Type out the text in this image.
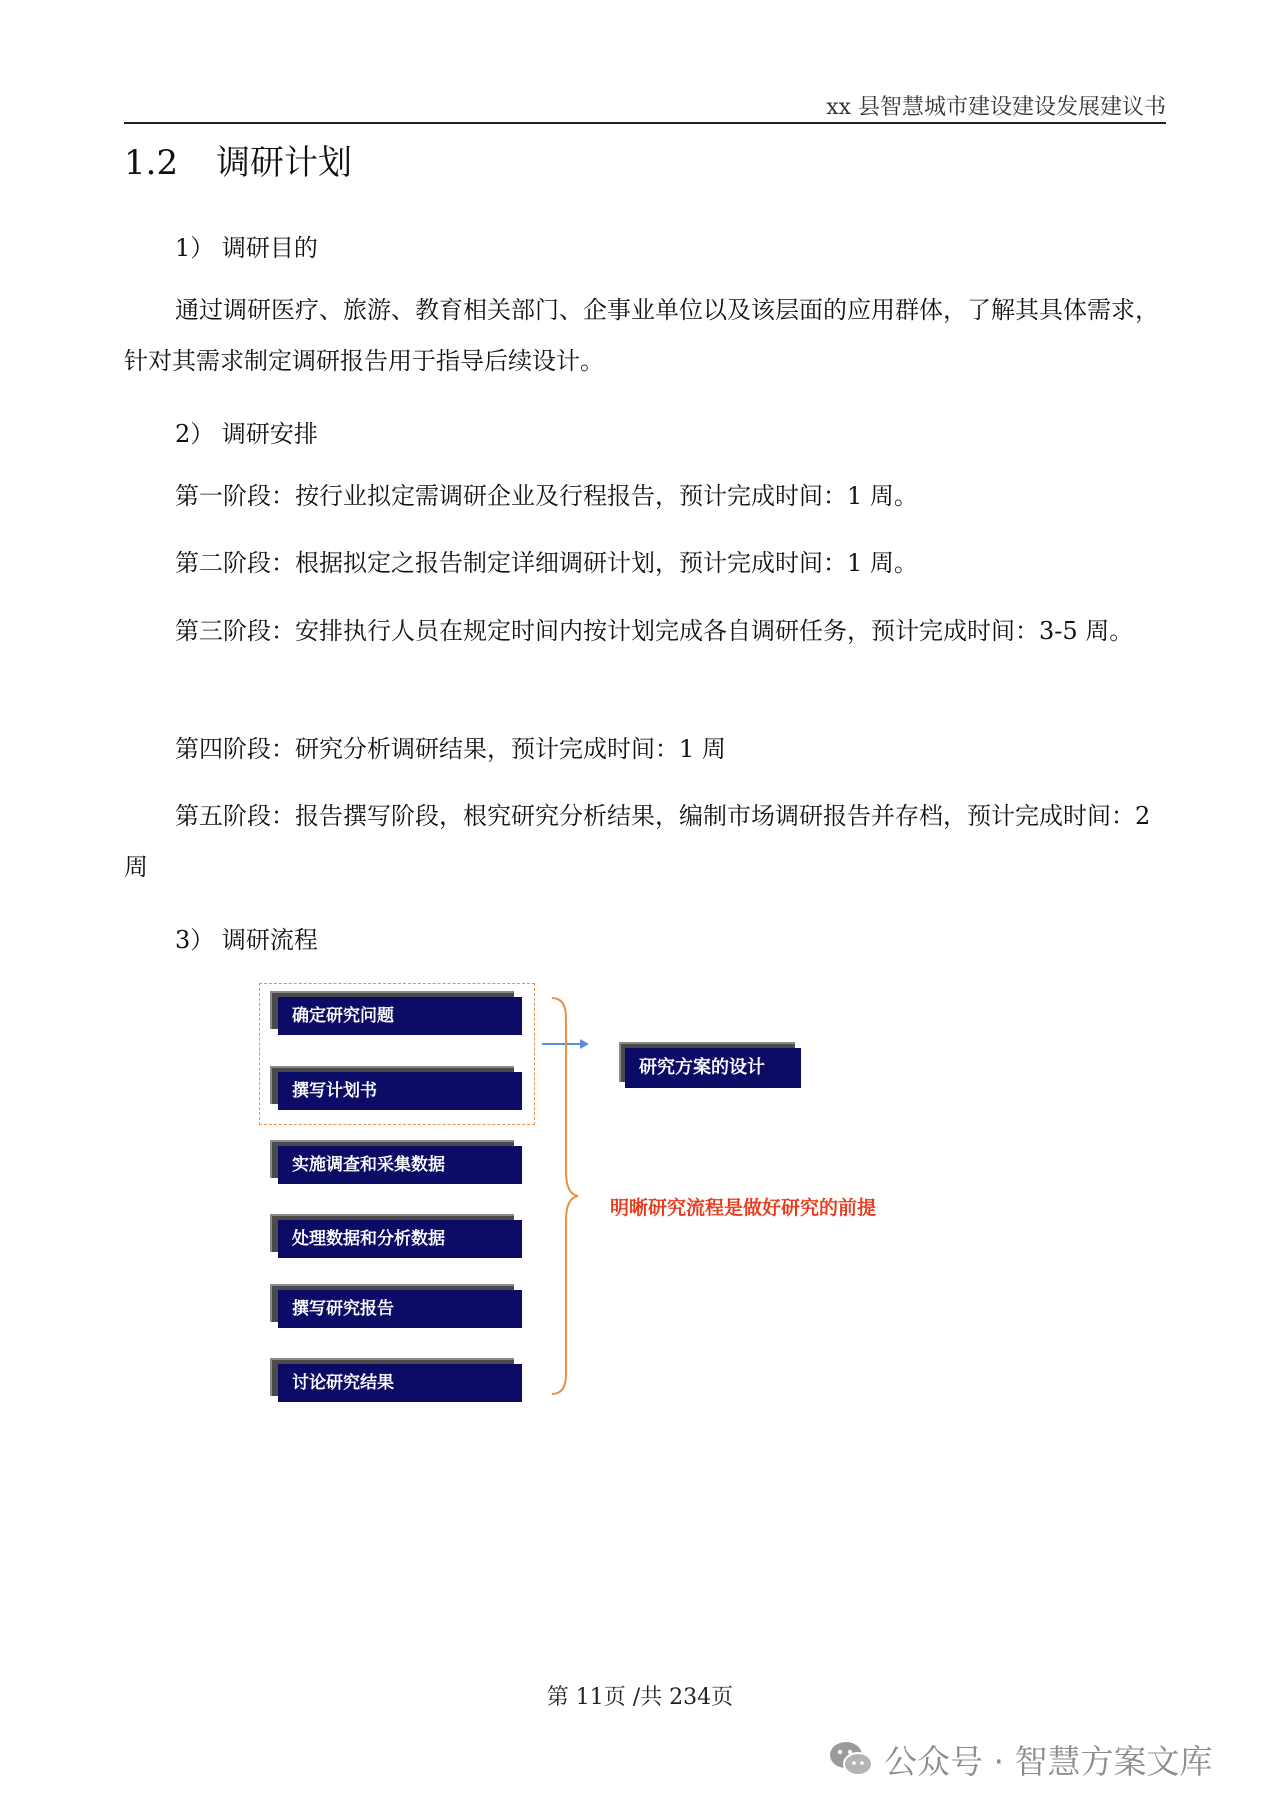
xx 县智慧城市建设建设发展建议书
1.2 调研计划
1） 调研目的
通过调研医疗、旅游、教育相关部门、企事业单位以及该层面的应用群体，了解其具体需求，针对其需求制定调研报告用于指导后续设计。
2） 调研安排
第一阶段：按行业拟定需调研企业及行程报告，预计完成时间：1 周。
第二阶段：根据拟定之报告制定详细调研计划，预计完成时间：1 周。
第三阶段：安排执行人员在规定时间内按计划完成各自调研任务，预计完成时间：3-5 周。
第四阶段：研究分析调研结果，预计完成时间：1 周
第五阶段：报告撰写阶段，根究研究分析结果，编制市场调研报告并存档，预计完成时间：2 周
3） 调研流程
确定研究问题
撰写计划书
实施调查和采集数据
处理数据和分析数据
撰写研究报告
讨论研究结果
研究方案的设计
明晰研究流程是做好研究的前提
第 11页 /共 234页
公众号 · 智慧方案文库
